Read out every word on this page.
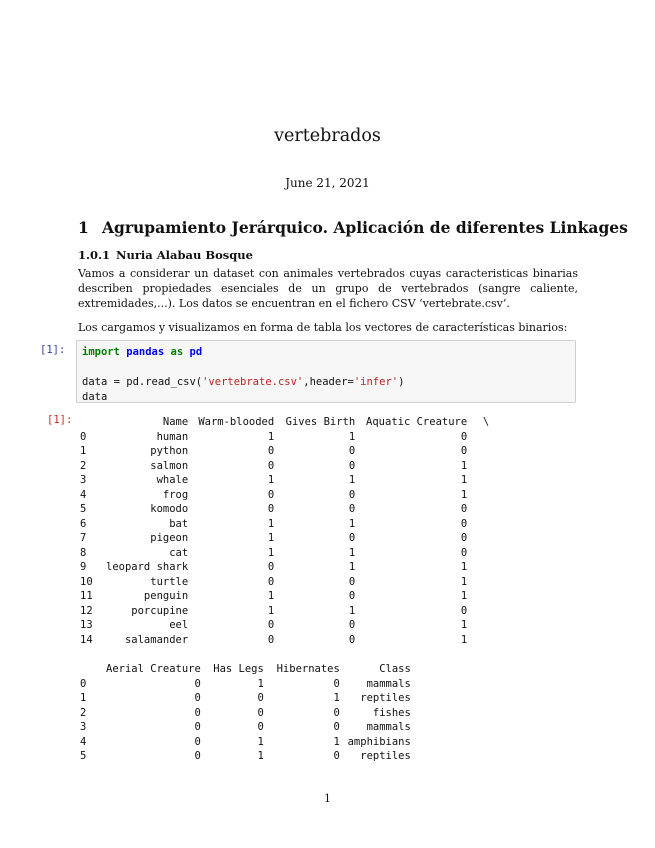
vertebrados
June 21, 2021
1 Agrupamiento Jerárquico. Aplicación de diferentes Linkages
1.0.1 Nuria Alabau Bosque

Vamos a considerar un dataset con animales vertebrados cuyas caracteristicas binarias describen propiedades esenciales de un grupo de vertebrados (sangre caliente, extremidades,...). Los datos se encuentran en el fichero CSV ‘vertebrate.csv’.

Los cargamos y visualizamos en forma de tabla los vectores de características binarios:

[1]:	import pandas as pd

data = pd.read_csv('vertebrate.csv',header='infer')
data
[1]:
		Name	Warm-blooded	Gives Birth	Aquatic Creature	\
0	human	1	1	0	
1	python	0	0	0	
2	salmon	0	0	1	
3	whale	1	1	1	
4	frog	0	0	1	
5	komodo	0	0	0	
6	bat	1	1	0	
7	pigeon	1	0	0	
8	cat	1	1	0	
9	leopard shark	0	1	1	
10	turtle	0	0	1	
11	penguin	1	0	1	
12	porcupine	1	1	0	
13	eel	0	0	1	
14	salamander	0	0	1	
	Aerial Creature	Has Legs	Hibernates	Class
0	0	1	0	mammals
1	0	0	1	reptiles
2	0	0	0	fishes
3	0	0	0	mammals
4	0	1	1	amphibians
5	0	1	0	reptiles
1
